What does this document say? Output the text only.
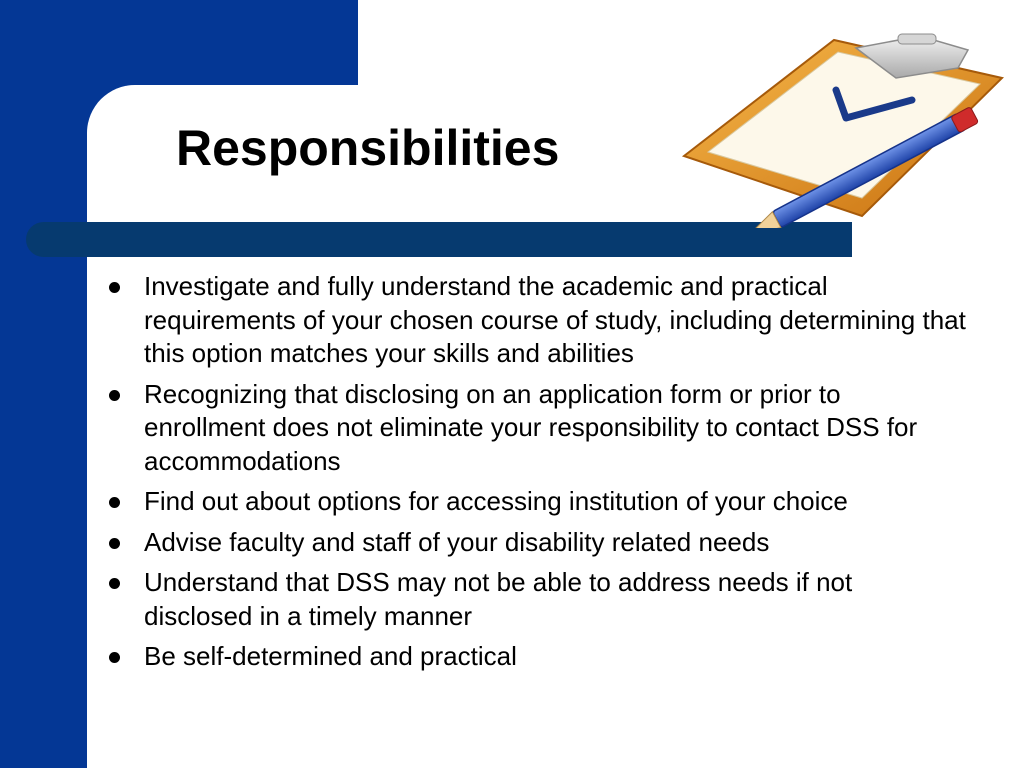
Responsibilities
Investigate and fully understand the academic and practical requirements of your chosen course of study, including determining that this option matches your skills and abilities
Recognizing that disclosing on an application form or prior to enrollment does not eliminate your responsibility to contact DSS for accommodations
Find out about options for accessing institution of your choice
Advise faculty and staff of your disability related needs
Understand that DSS may not be able to address needs if not disclosed in a timely manner
Be self-determined and practical
